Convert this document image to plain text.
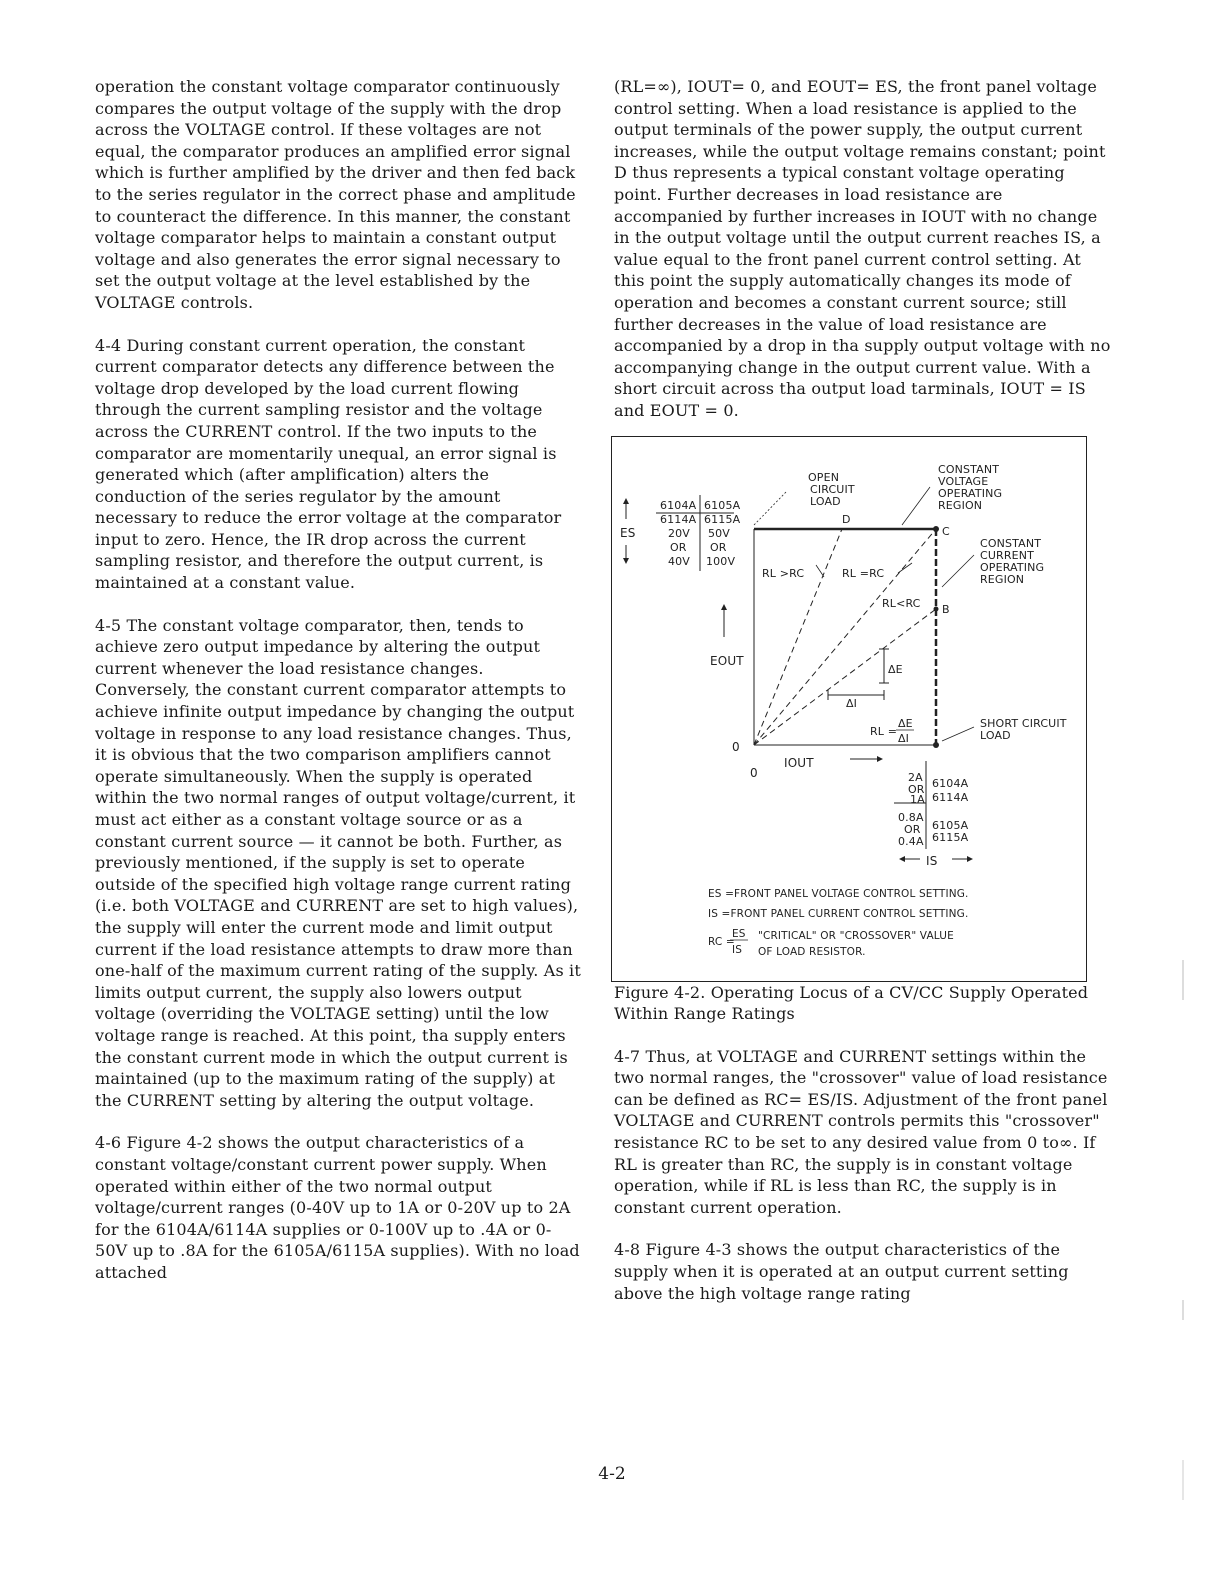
operation the constant voltage comparator continuously compares the output voltage of the supply with the drop across the VOLTAGE control. If these voltages are not equal, the comparator produces an amplified error signal which is further amplified by the driver and then fed back to the series regulator in the correct phase and amplitude to counteract the difference. In this manner, the constant voltage comparator helps to maintain a constant output voltage and also generates the error signal necessary to set the output voltage at the level established by the VOLTAGE controls.

4-4 During constant current operation, the constant current comparator detects any difference between the voltage drop developed by the load current flowing through the current sampling resistor and the voltage across the CURRENT control. If the two inputs to the comparator are momentarily unequal, an error signal is generated which (after amplification) alters the conduction of the series regulator by the amount necessary to reduce the error voltage at the comparator input to zero. Hence, the IR drop across the current sampling resistor, and therefore the output current, is maintained at a constant value.

4-5 The constant voltage comparator, then, tends to achieve zero output impedance by altering the output current whenever the load resistance changes. Conversely, the constant current comparator attempts to achieve infinite output impedance by changing the output voltage in response to any load resistance changes. Thus, it is obvious that the two comparison amplifiers cannot operate simultaneously. When the supply is operated within the two normal ranges of output voltage/current, it must act either as a constant voltage source or as a constant current source — it cannot be both. Further, as previously mentioned, if the supply is set to operate outside of the specified high voltage range current rating (i.e. both VOLTAGE and CURRENT are set to high values), the supply will enter the current mode and limit output current if the load resistance attempts to draw more than one-half of the maximum current rating of the supply. As it limits output current, the supply also lowers output voltage (overriding the VOLTAGE setting) until the low voltage range is reached. At this point, tha supply enters the constant current mode in which the output current is maintained (up to the maximum rating of the supply) at the CURRENT setting by altering the output voltage.

4-6 Figure 4-2 shows the output characteristics of a constant voltage/constant current power supply. When operated within either of the two normal output voltage/current ranges (0-40V up to 1A or 0-20V up to 2A for the 6104A/6114A supplies or 0-100V up to .4A or 0-50V up to .8A for the 6105A/6115A supplies). With no load attached

(RL=∞), IOUT= 0, and EOUT= ES, the front panel voltage control setting. When a load resistance is applied to the output terminals of the power supply, the output current increases, while the output voltage remains constant; point D thus represents a typical constant voltage operating point. Further decreases in load resistance are accompanied by further increases in IOUT with no change in the output voltage until the output current reaches IS, a value equal to the front panel current control setting. At this point the supply automatically changes its mode of operation and becomes a constant current source; still further decreases in the value of load resistance are accompanied by a drop in tha supply output voltage with no accompanying change in the output current value. With a short circuit across tha output load tarminals, IOUT = IS and EOUT = 0.

OPEN
CIRCUIT
LOAD
D
C
B
CONSTANT
VOLTAGE
OPERATING
REGION
CONSTANT
CURRENT
OPERATING
REGION
SHORT CIRCUIT
LOAD
6104A
6114A
6105A
6115A
ES	20V
OR
40V
50V
OR
100V
RL >RC	RL =RC
RL<RC
EOUT
ΔE
ΔI
RL =
ΔE
ΔI
0
0
IOUT
2A
OR
1A
6104A
6114A
0.8A
OR
0.4A
6105A
6115A
IS
ES =FRONT PANEL VOLTAGE CONTROL SETTING.
IS =FRONT PANEL CURRENT CONTROL SETTING.
RC =
ES
IS
"CRITICAL" OR "CROSSOVER" VALUE
OF LOAD RESISTOR.

Figure 4-2. Operating Locus of a CV/CC Supply Operated Within Range Ratings

4-7 Thus, at VOLTAGE and CURRENT settings within the two normal ranges, the "crossover" value of load resistance can be defined as RC= ES/IS. Adjustment of the front panel VOLTAGE and CURRENT controls permits this "crossover" resistance RC to be set to any desired value from 0 to∞. If RL is greater than RC, the supply is in constant voltage operation, while if RL is less than RC, the supply is in constant current operation.

4-8 Figure 4-3 shows the output characteristics of the supply when it is operated at an output current setting above the high voltage range rating

4-2
